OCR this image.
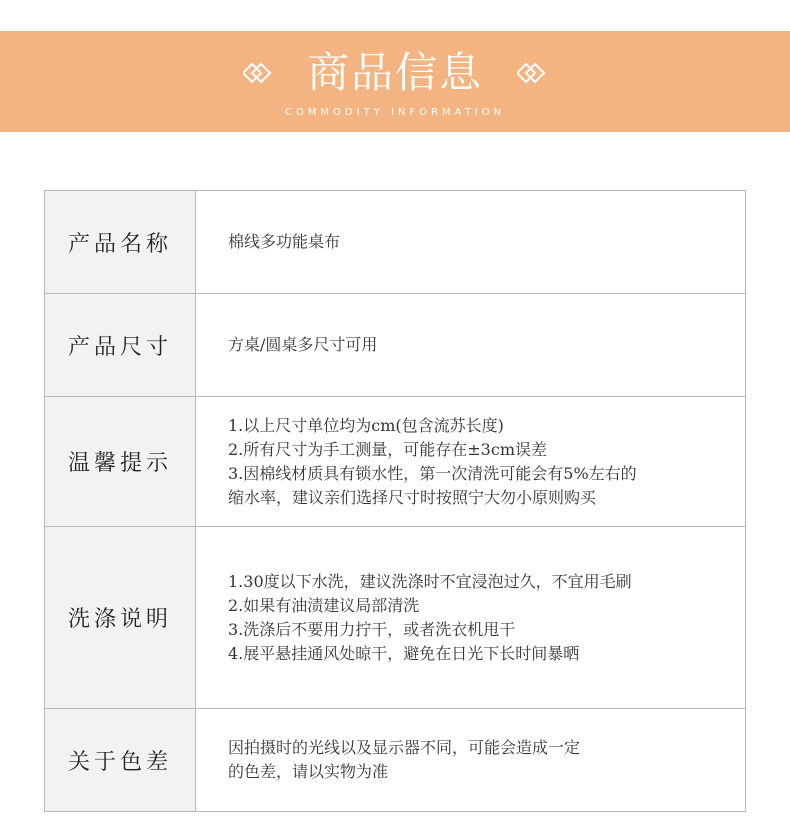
商品信息
COMMODITY INFORMATION
产品名称	棉线多功能桌布

产品尺寸	方桌/圆桌多尺寸可用

温馨提示	1.以上尺寸单位均为cm(包含流苏长度)
2.所有尺寸为手工测量，可能存在±3cm误差
3.因棉线材质具有锁水性，第一次清洗可能会有5%左右的
缩水率，建议亲们选择尺寸时按照宁大勿小原则购买

洗涤说明	1.30度以下水洗，建议洗涤时不宜浸泡过久，不宜用毛刷
2.如果有油渍建议局部清洗
3.洗涤后不要用力拧干，或者洗衣机甩干
4.展平悬挂通风处晾干，避免在日光下长时间暴晒

关于色差	因拍摄时的光线以及显示器不同，可能会造成一定
的色差，请以实物为准
